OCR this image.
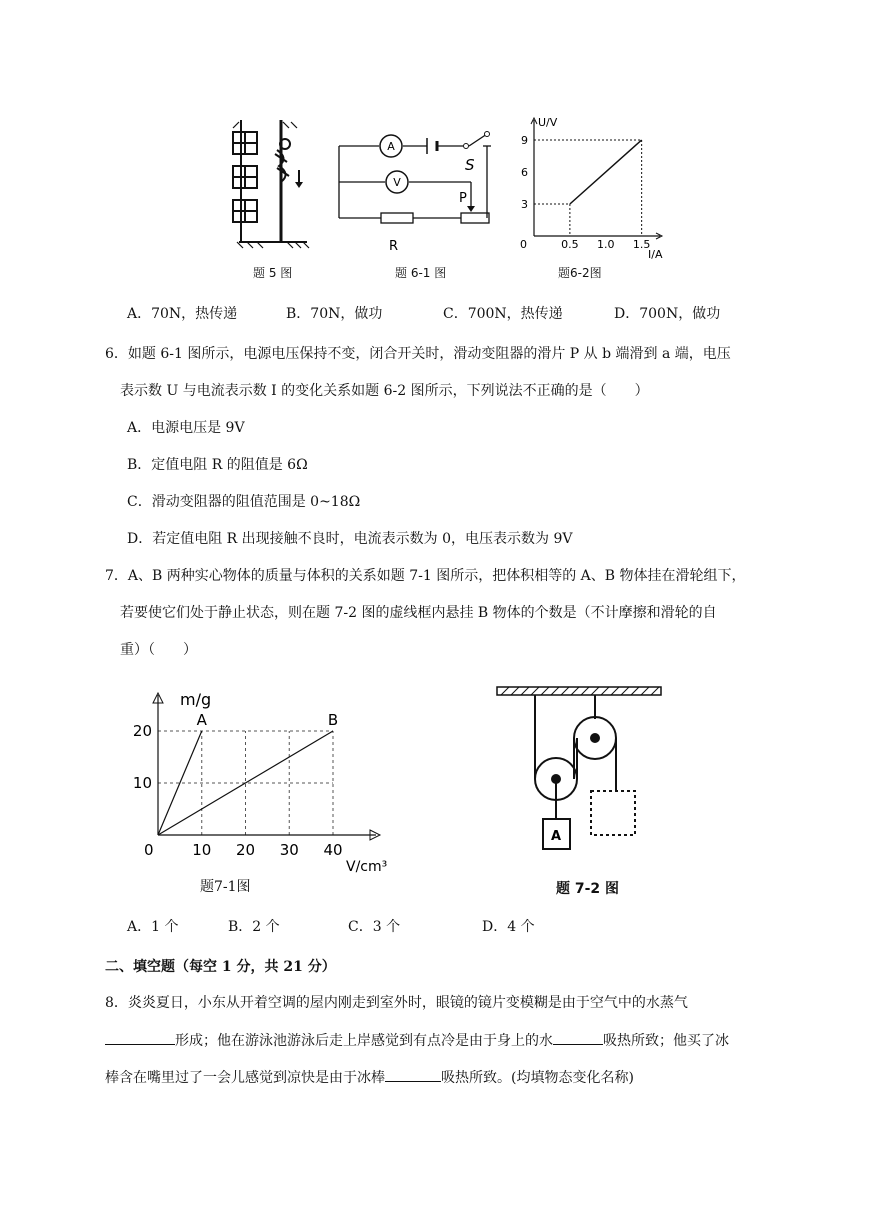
题 5 图
A
V
S
P
R
题 6-1 图
U/V
I/A
0	0.5 1.0 1.5
3
6
9
题6-2图
A．70N，热传递	B．70N，做功	C．700N，热传递	D．700N，做功
6．如题 6-1 图所示，电源电压保持不变，闭合开关时，滑动变阻器的滑片 P 从 b 端滑到 a 端，电压
表示数 U 与电流表示数 I 的变化关系如题 6-2 图所示，下列说法不正确的是（　　）
A．电源电压是 9V
B．定值电阻 R 的阻值是 6Ω
C．滑动变阻器的阻值范围是 0~18Ω
D．若定值电阻 R 出现接触不良时，电流表示数为 0，电压表示数为 9V
7．A、B 两种实心物体的质量与体积的关系如题 7-1 图所示，把体积相等的 A、B 物体挂在滑轮组下，
若要使它们处于静止状态，则在题 7-2 图的虚线框内悬挂 B 物体的个数是（不计摩擦和滑轮的自
重）（　　）
m/g
V/cm³
0	10 20 30 40
10
20
A	B
题7-1图
A
题 7-2 图
A．1 个	B．2 个	C．3 个	D．4 个
二、填空题（每空 1 分，共 21 分）
8．炎炎夏日，小东从开着空调的屋内刚走到室外时，眼镜的镜片变模糊是由于空气中的水蒸气
形成；他在游泳池游泳后走上岸感觉到有点冷是由于身上的水	吸热所致；他买了冰
棒含在嘴里过了一会儿感觉到凉快是由于冰棒	吸热所致。(均填物态变化名称)
